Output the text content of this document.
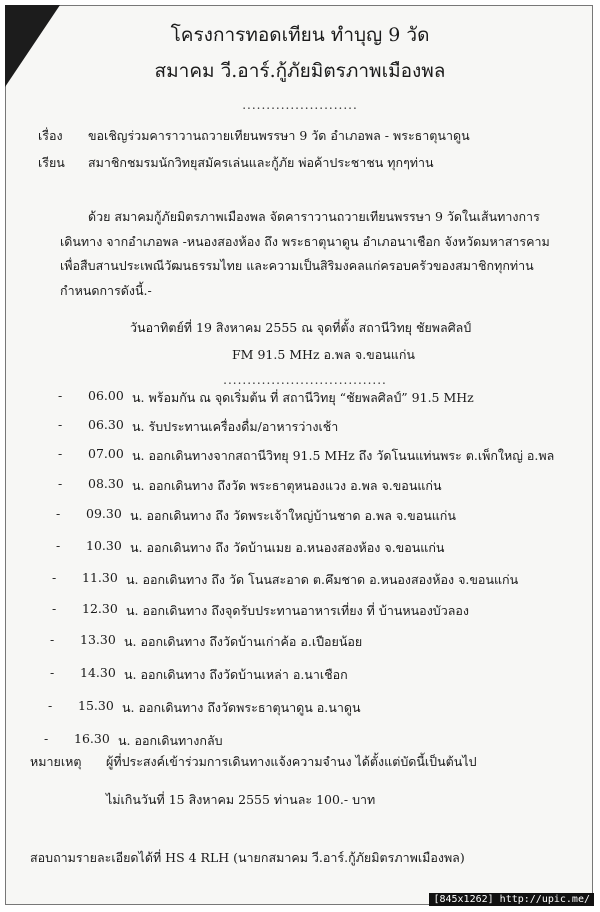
โครงการทอดเทียน ทำบุญ 9 วัด
สมาคม วี.อาร์.กู้ภัยมิตรภาพเมืองพล
........................
เรื่อง ขอเชิญร่วมคาราวานถวายเทียนพรรษา 9 วัด อำเภอพล - พระธาตุนาดูน
เรียน สมาชิกชมรมนักวิทยุสมัครเล่นและกู้ภัย พ่อค้าประชาชน ทุกๆท่าน
ด้วย สมาคมกู้ภัยมิตรภาพเมืองพล จัดคาราวานถวายเทียนพรรษา 9 วัดในเส้นทางการ
เดินทาง จากอำเภอพล -หนองสองห้อง ถึง พระธาตุนาดูน อำเภอนาเชือก จังหวัดมหาสารคาม
เพื่อสืบสานประเพณีวัฒนธรรมไทย และความเป็นสิริมงคลแก่ครอบครัวของสมาชิกทุกท่าน
กำหนดการดังนี้.-
วันอาทิตย์ที่ 19 สิงหาคม 2555 ณ จุดที่ตั้ง สถานีวิทยุ ชัยพลศิลป์
FM 91.5 MHz อ.พล จ.ขอนแก่น
..................................
- 06.00 น. พร้อมกัน ณ จุดเริ่มต้น ที่ สถานีวิทยุ “ชัยพลศิลป์” 91.5 MHz
- 06.30 น. รับประทานเครื่องดื่ม/อาหารว่างเช้า
- 07.00 น. ออกเดินทางจากสถานีวิทยุ 91.5 MHz ถึง วัดโนนแท่นพระ ต.เพ็กใหญ่ อ.พล
- 08.30 น. ออกเดินทาง ถึงวัด พระธาตุหนองแวง อ.พล จ.ขอนแก่น
- 09.30 น. ออกเดินทาง ถึง วัดพระเจ้าใหญ่บ้านชาด อ.พล จ.ขอนแก่น
- 10.30 น. ออกเดินทาง ถึง วัดบ้านเมย อ.หนองสองห้อง จ.ขอนแก่น
- 11.30 น. ออกเดินทาง ถึง วัด โนนสะอาด ต.คึมชาด อ.หนองสองห้อง จ.ขอนแก่น
- 12.30 น. ออกเดินทาง ถึงจุดรับประทานอาหารเที่ยง ที่ บ้านหนองบัวลอง
- 13.30 น. ออกเดินทาง ถึงวัดบ้านเก่าค้อ อ.เปือยน้อย
- 14.30 น. ออกเดินทาง ถึงวัดบ้านเหล่า อ.นาเชือก
- 15.30 น. ออกเดินทาง ถึงวัดพระธาตุนาดูน อ.นาดูน
- 16.30 น. ออกเดินทางกลับ
หมายเหตุ ผู้ที่ประสงค์เข้าร่วมการเดินทางแจ้งความจำนง ได้ตั้งแต่บัดนี้เป็นต้นไป
ไม่เกินวันที่ 15 สิงหาคม 2555 ท่านละ 100.- บาท
สอบถามรายละเอียดได้ที่ HS 4 RLH (นายกสมาคม วี.อาร์.กู้ภัยมิตรภาพเมืองพล)
[845x1262] http://upic.me/
